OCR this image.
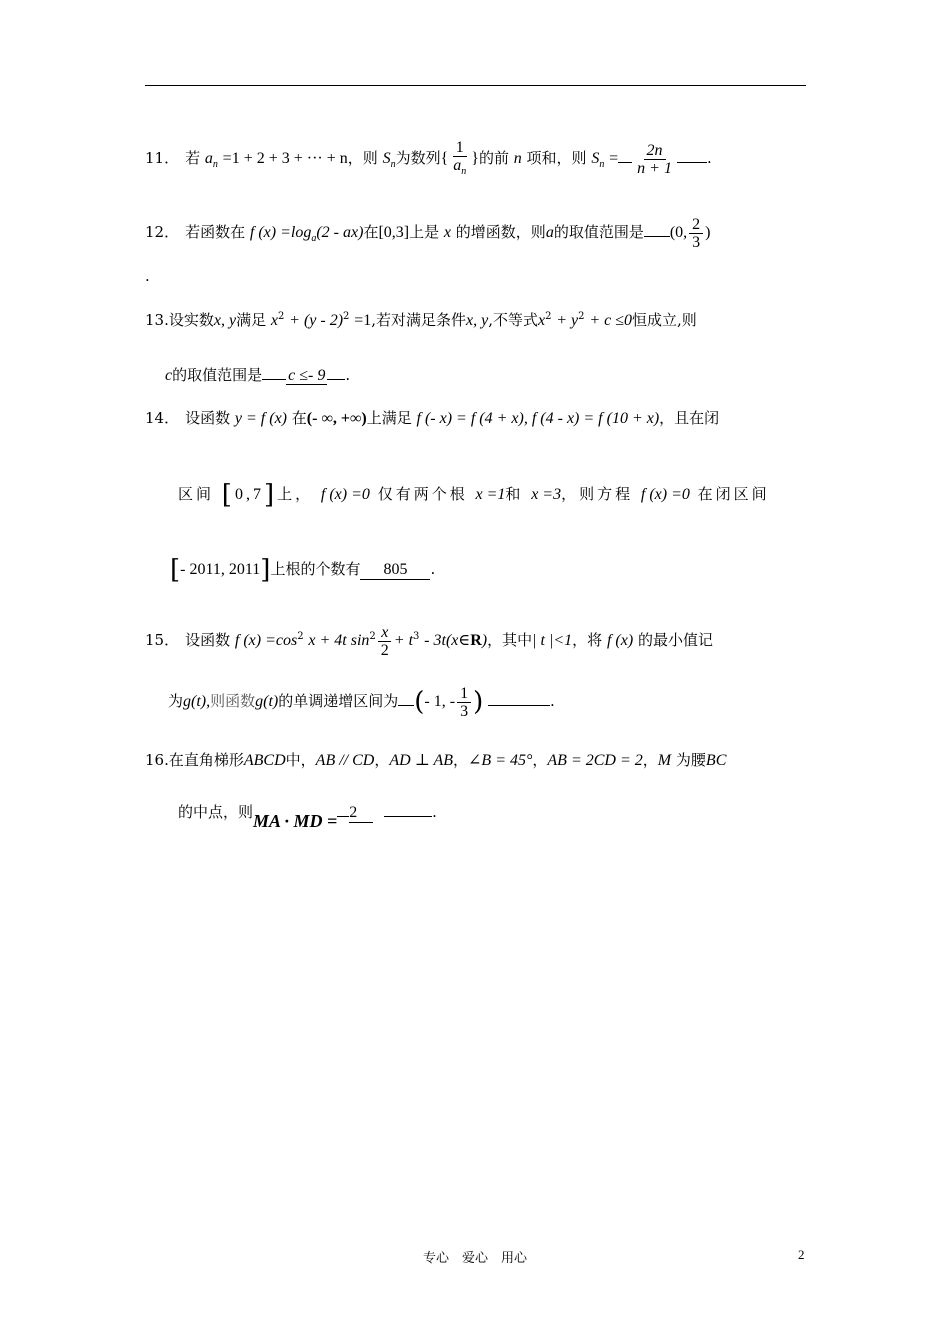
11． 若 $a_n =1 + 2 + 3$ + ··· + n，则 $S_n$为数列{ $\frac{1}{a_n}$ }的前 n 项和，则 $S_n = \frac{2n}{n + 1}$ .
12． 若函数在 f $(x) =\log_a(2 - ax)$在[0,3]上是 x 的增函数，则a的取值范围是 (0, $\frac{2}{3}$ )
.
13.设实数x, y满足 $x^2 + (y - 2)^2 =1$,若对满足条件x, y,不等式$x^2 + y^2 + c \le 0$恒成立,则
c的取值范围是 c ≤- 9 .
14． 设函数 y = f (x) 在(- ∞, +∞)上满足 f (- x) = f (4 + x), f (4 - x) = f (10 + x)，且在闭
区间 [0,7]上， f (x) =0 仅有两个根 x =1和 x =3，则方程 f (x) =0 在闭区间
[- 2011, 2011]上根的个数有 805 .
15． 设函数 f $(x) =\cos^2$ x + 4t $\sin^2 \frac{x}{2} + t^3$ - 3t(x∈R)，其中| t |<1，将 f (x) 的最小值记
为g(t),则函数g(t)的单调递增区间为 (- 1, - $\frac{1}{3}$ )	.
16.在直角梯形ABCD中，AB // CD，AD ⊥ AB，∠B = 45°，AB = 2CD = 2，M 为腰BC
的中点，则MA · MD = 2	.
专心　爱心　用心	2
